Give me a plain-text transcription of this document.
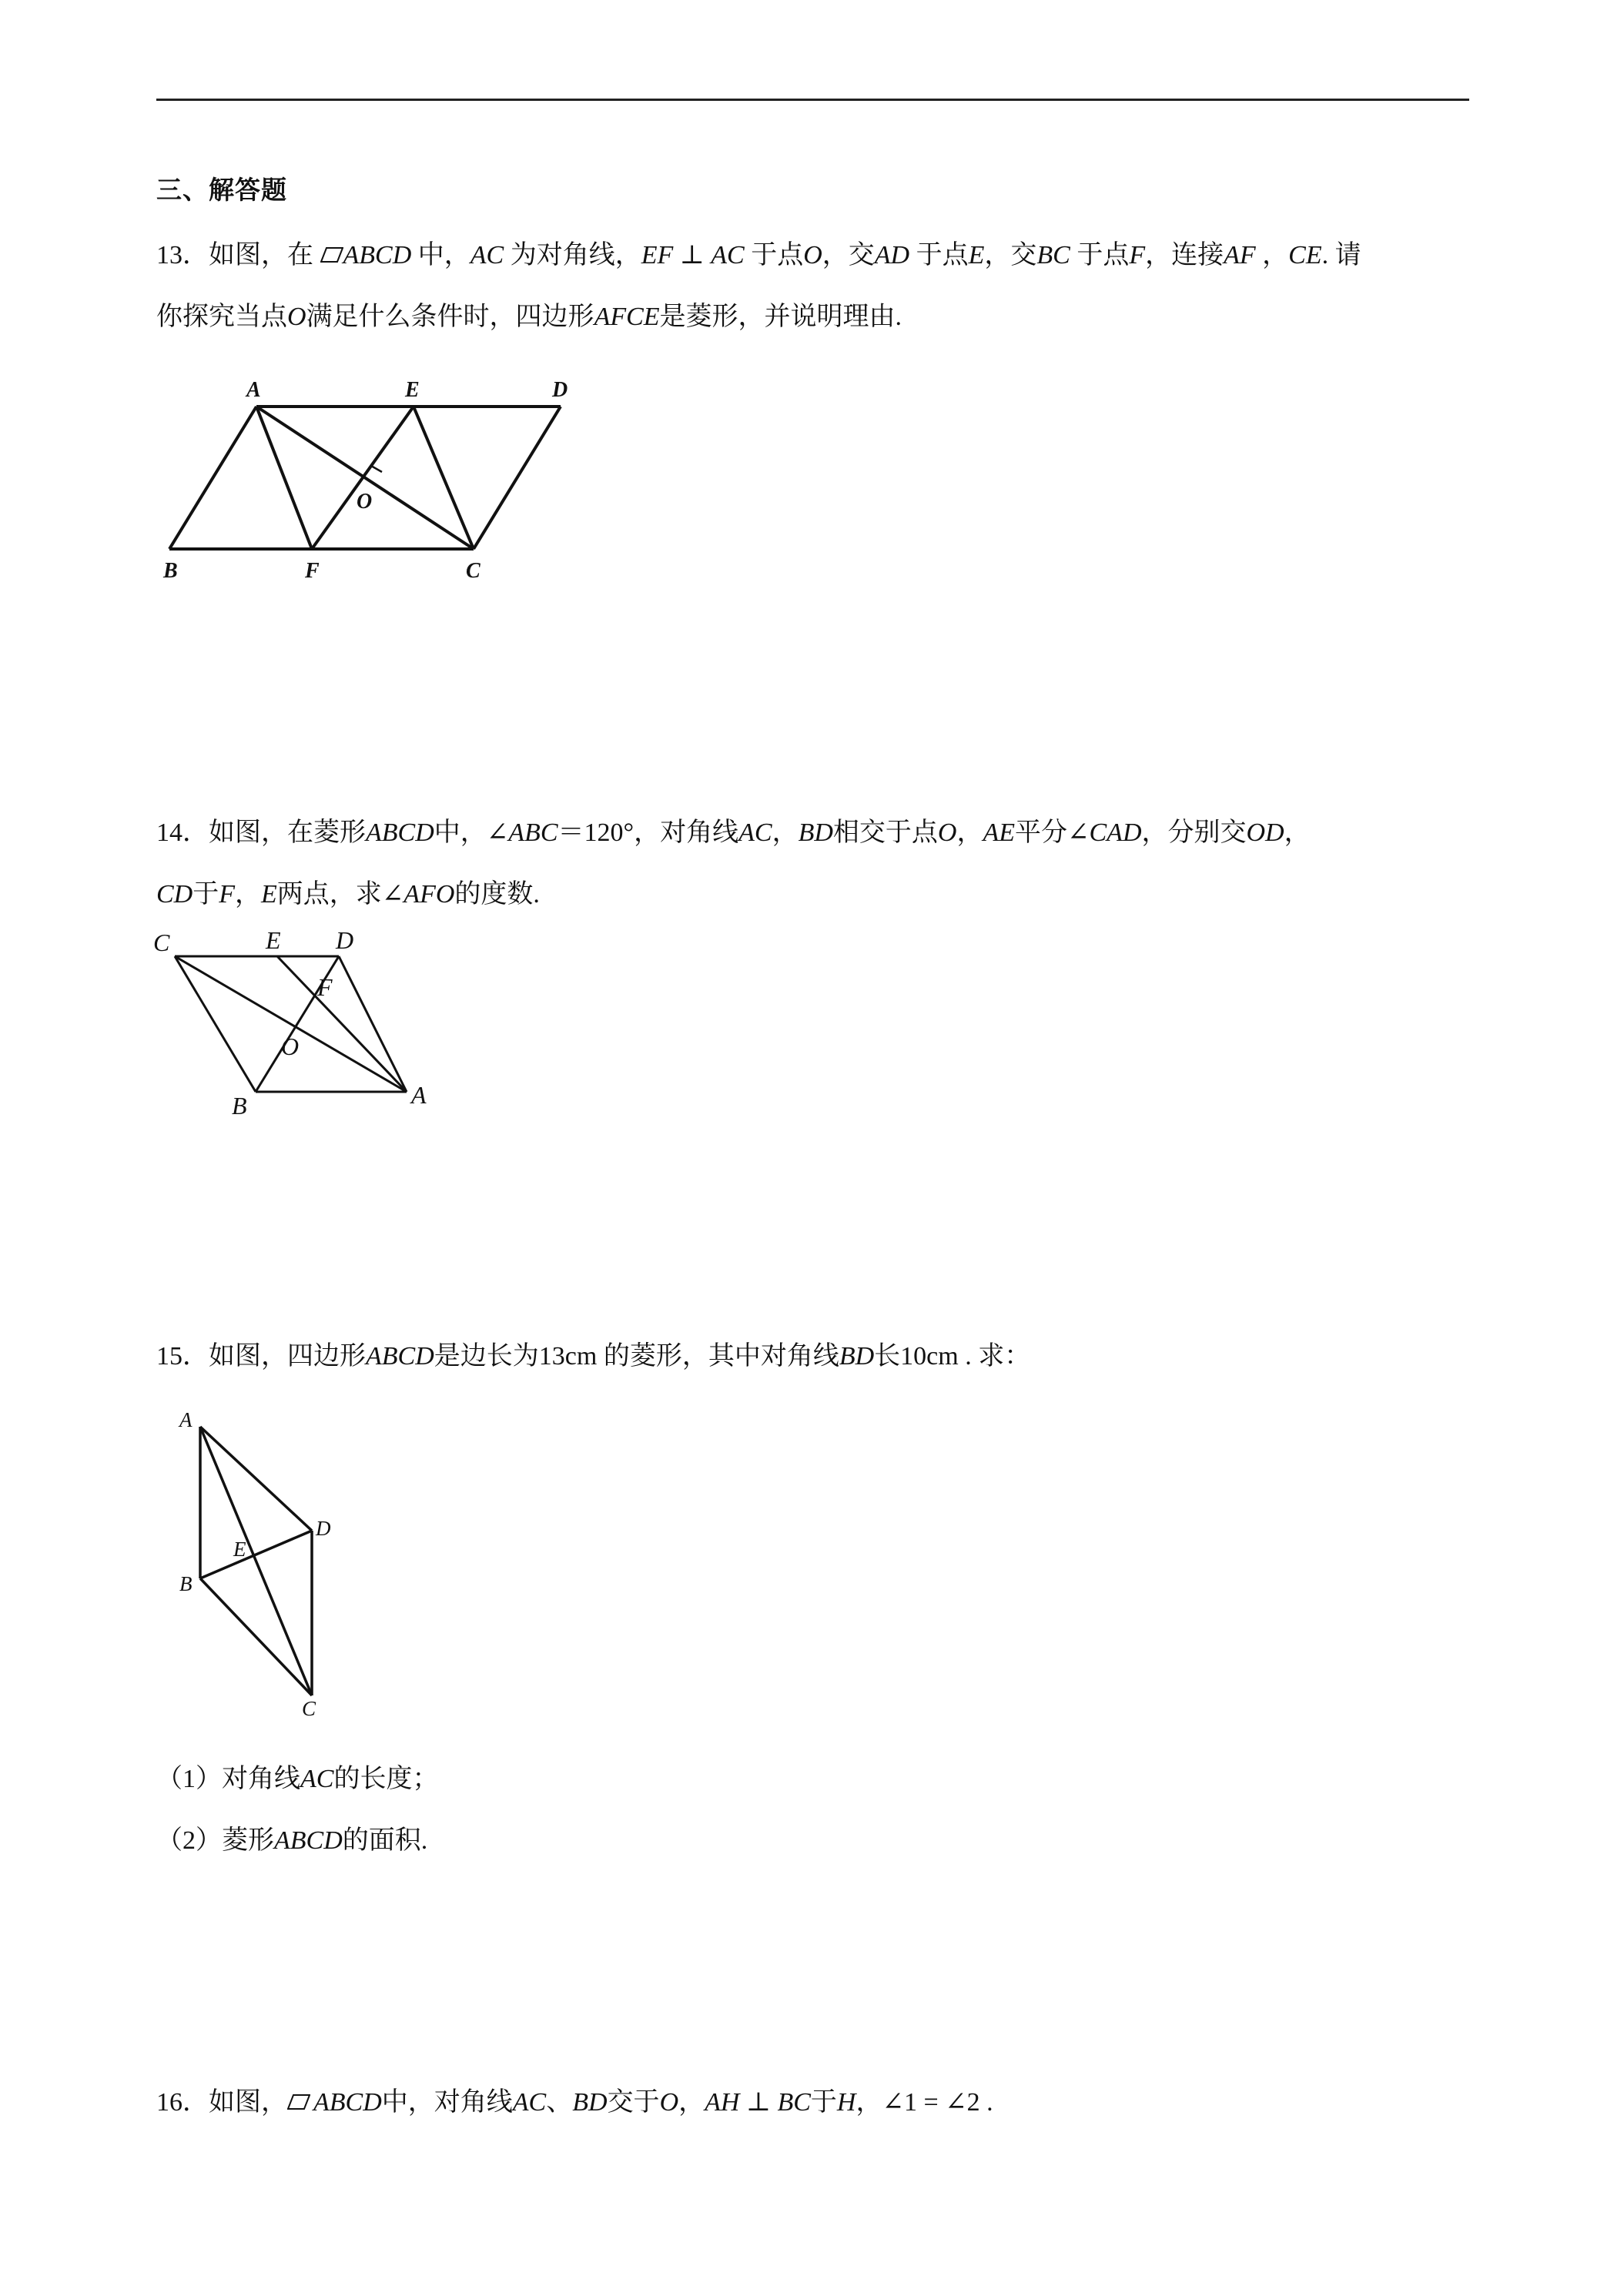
三、解答题
13．如图，在 ABCD 中，AC 为对角线，EF ⊥ AC 于点O，交AD 于点E，交BC 于点F，连接AF ，CE. 请
你探究当点O满足什么条件时，四边形AFCE是菱形，并说明理由.
A	E	D
O
B	F	C
14．如图，在菱形ABCD中，∠ABC＝120°，对角线AC，BD相交于点O，AE平分∠CAD，分别交OD，
CD于F，E两点，求∠AFO的度数.
C	E D
F
O
B	A
15．如图，四边形ABCD是边长为13cm 的菱形，其中对角线BD长10cm . 求：
A
D
E
B
C
（1）对角线AC的长度；
（2）菱形ABCD的面积.
16．如图， ABCD中，对角线AC、BD交于O，AH ⊥ BC于H，∠1 = ∠2 .
